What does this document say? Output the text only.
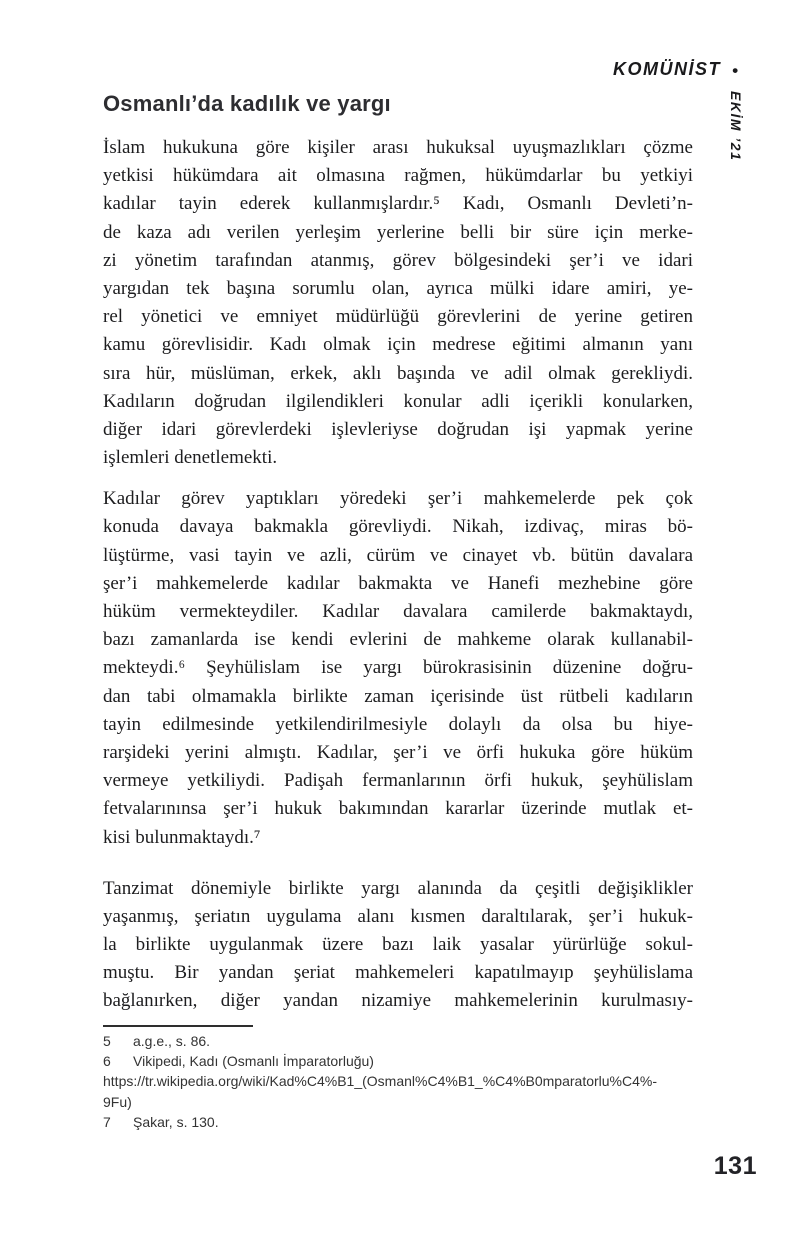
KOMÜNİST •
EKİM ’21
Osmanlı’da kadılık ve yargı
İslam hukukuna göre kişiler arası hukuksal uyuşmazlıkları çözme
yetkisi hükümdara ait olmasına rağmen, hükümdarlar bu yetkiyi
kadılar tayin ederek kullanmışlardır.⁵ Kadı, Osmanlı Devleti’n-
de kaza adı verilen yerleşim yerlerine belli bir süre için merke-
zi yönetim tarafından atanmış, görev bölgesindeki şer’i ve idari
yargıdan tek başına sorumlu olan, ayrıca mülki idare amiri, ye-
rel yönetici ve emniyet müdürlüğü görevlerini de yerine getiren
kamu görevlisidir. Kadı olmak için medrese eğitimi almanın yanı
sıra hür, müslüman, erkek, aklı başında ve adil olmak gerekliydi.
Kadıların doğrudan ilgilendikleri konular adli içerikli konularken,
diğer idari görevlerdeki işlevleriyse doğrudan işi yapmak yerine
işlemleri denetlemekti.
Kadılar görev yaptıkları yöredeki şer’i mahkemelerde pek çok
konuda davaya bakmakla görevliydi. Nikah, izdivaç, miras bö-
lüştürme, vasi tayin ve azli, cürüm ve cinayet vb. bütün davalara
şer’i mahkemelerde kadılar bakmakta ve Hanefi mezhebine göre
hüküm vermekteydiler. Kadılar davalara camilerde bakmaktaydı,
bazı zamanlarda ise kendi evlerini de mahkeme olarak kullanabil-
mekteydi.⁶ Şeyhülislam ise yargı bürokrasisinin düzenine doğru-
dan tabi olmamakla birlikte zaman içerisinde üst rütbeli kadıların
tayin edilmesinde yetkilendirilmesiyle dolaylı da olsa bu hiye-
rarşideki yerini almıştı. Kadılar, şer’i ve örfi hukuka göre hüküm
vermeye yetkiliydi. Padişah fermanlarının örfi hukuk, şeyhülislam
fetvalarınınsa şer’i hukuk bakımından kararlar üzerinde mutlak et-
kisi bulunmaktaydı.⁷
Tanzimat dönemiyle birlikte yargı alanında da çeşitli değişiklikler
yaşanmış, şeriatın uygulama alanı kısmen daraltılarak, şer’i hukuk-
la birlikte uygulanmak üzere bazı laik yasalar yürürlüğe sokul-
muştu. Bir yandan şeriat mahkemeleri kapatılmayıp şeyhülislama
bağlanırken, diğer yandan nizamiye mahkemelerinin kurulmasıy-
5 a.g.e., s. 86.
6 Vikipedi, Kadı (Osmanlı İmparatorluğu)
https://tr.wikipedia.org/wiki/Kad%C4%B1_(Osmanl%C4%B1_%C4%B0mparatorlu%C4%-
9Fu)
7 Şakar, s. 130.
131
